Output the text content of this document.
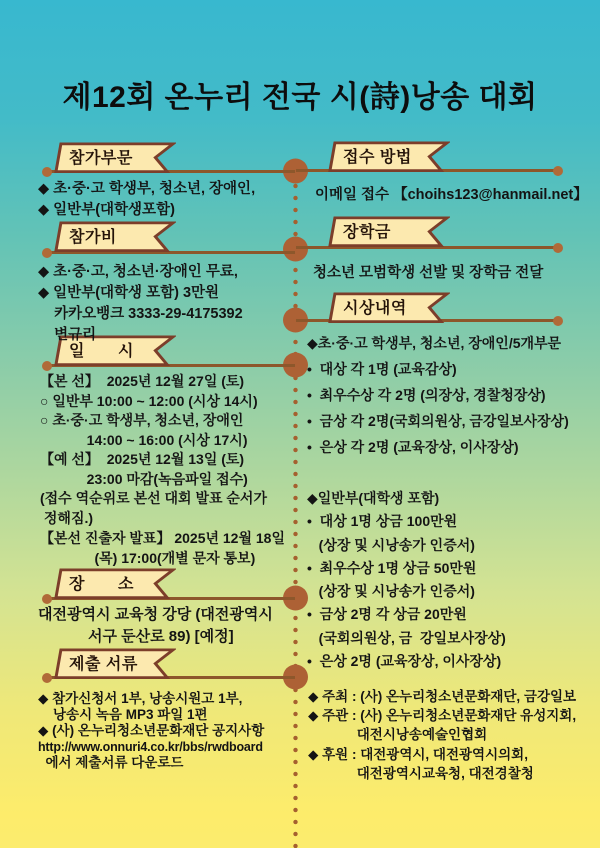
제12회 온누리 전국 시(詩)낭송 대회
참가부문
참가비
일　　시
장　　소
제출 서류
접수 방법
장학금
시상내역
◆ 초·중·고 학생부, 청소년, 장애인,
◆ 일반부(대학생포함)
◆ 초·중·고, 청소년·장애인 무료,
◆ 일반부(대학생 포함) 3만원
카카오뱅크 3333-29-4175392
변규리
【본 선】  2025년 12월 27일 (토)
○ 일반부 10:00 ~ 12:00 (시상 14시)
○ 초·중·고 학생부, 청소년, 장애인
14:00 ~ 16:00 (시상 17시)
【예 선】  2025년 12월 13일 (토)
23:00 마감(녹음파일 접수)
(접수 역순위로 본선 대회 발표 순서가
정해짐.)
【본선 진출자 발표】 2025년 12월 18일
(목) 17:00(개별 문자 통보)
대전광역시 교육청 강당 (대전광역시
서구 둔산로 89) [예정]
◆ 참가신청서 1부, 낭송시원고 1부,
낭송시 녹음 MP3 파일 1편
◆ (사) 온누리청소년문화재단 공지사항
http://www.onnuri4.co.kr/bbs/rwdboard
에서 제출서류 다운로드
이메일 접수 【choihs123@hanmail.net】
청소년 모범학생 선발 및 장학금 전달
◆초·중·고 학생부, 청소년, 장애인/5개부문
•  대상 각 1명 (교육감상)
•  최우수상 각 2명 (의장상, 경찰청장상)
•  금상 각 2명(국회의원상, 금강일보사장상)
•  은상 각 2명 (교육장상, 이사장상)
◆일반부(대학생 포함)
•  대상 1명 상금 100만원
(상장 및 시낭송가 인증서)
•  최우수상 1명 상금 50만원
(상장 및 시낭송가 인증서)
•  금상 2명 각 상금 20만원
(국회의원상, 금  강일보사장상)
•  은상 2명 (교육장상, 이사장상)
◆ 주최 : (사) 온누리청소년문화재단, 금강일보
◆ 주관 : (사) 온누리청소년문화재단 유성지회,
대전시낭송예술인협회
◆ 후원 : 대전광역시, 대전광역시의회,
대전광역시교육청, 대전경찰청
